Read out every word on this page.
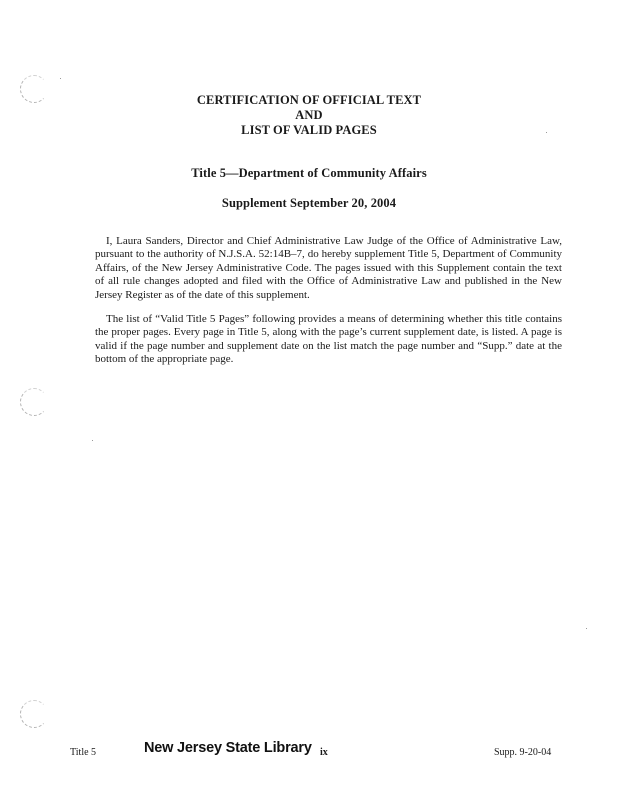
CERTIFICATION OF OFFICIAL TEXT
AND
LIST OF VALID PAGES
Title 5—Department of Community Affairs
Supplement September 20, 2004

I, Laura Sanders, Director and Chief Administrative Law Judge of the Office of Administrative Law, pursuant to the authority of N.J.S.A. 52:14B–7, do hereby supplement Title 5, Department of Community Affairs, of the New Jersey Administrative Code. The pages issued with this Supplement contain the text of all rule changes adopted and filed with the Office of Administrative Law and published in the New Jersey Register as of the date of this supplement.

The list of “Valid Title 5 Pages” following provides a means of determining whether this title contains the proper pages. Every page in Title 5, along with the page’s current supplement date, is listed. A page is valid if the page number and supplement date on the list match the page number and “Supp.” date at the bottom of the appropriate page.

Title 5	New Jersey State Library ix	Supp. 9-20-04
